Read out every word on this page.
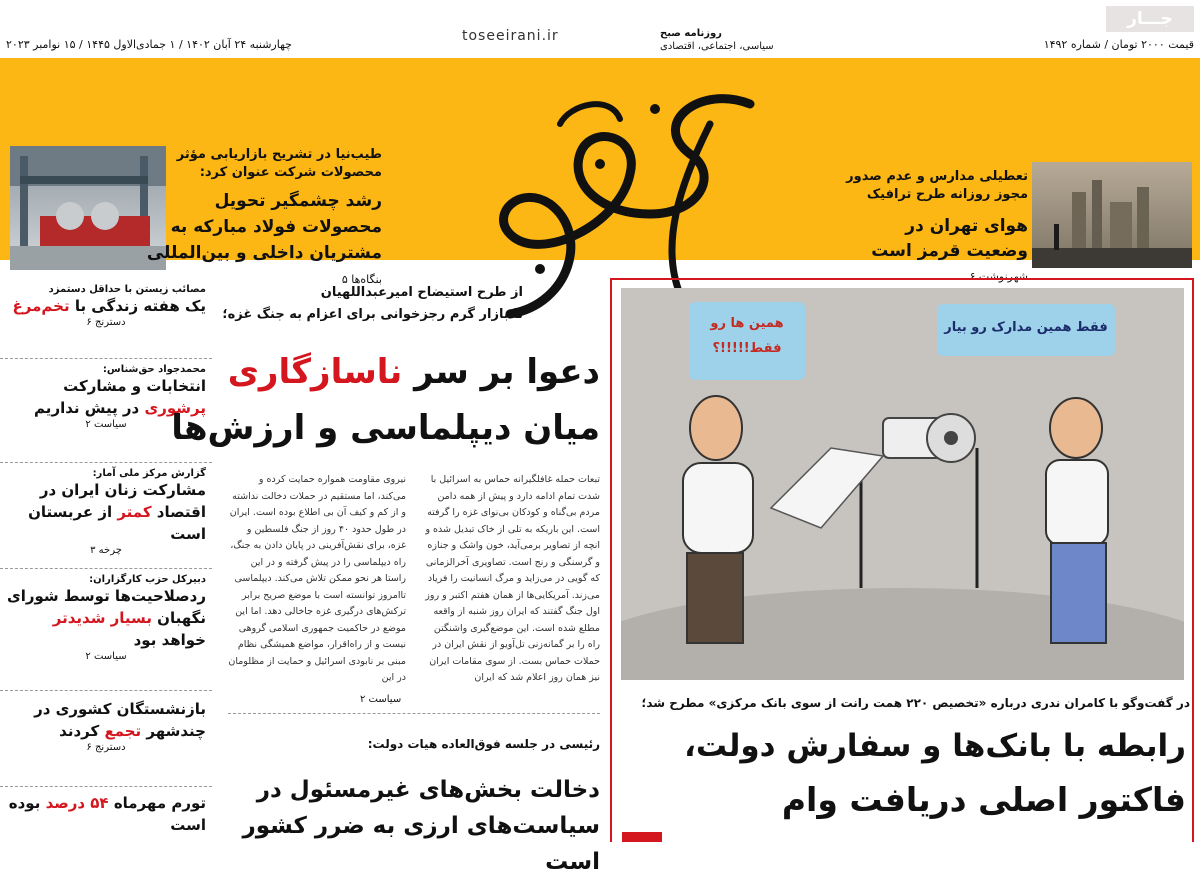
جـــار
قیمت ۲۰۰۰ تومان / شماره ۱۴۹۲
چهارشنبه ۲۴ آبان ۱۴۰۲ / ۱ جمادی‌الاول ۱۴۴۵ / ۱۵ نوامبر ۲۰۲۳
toseeirani.ir	روزنامه صبح
سیاسی، اجتماعی، اقتصادی
توسعه ایرانی
تعطیلی مدارس و عدم صدور مجوز روزانه طرح ترافیک
هوای تهران در وضعیت قرمز است
شهرنوشت ۶
طیب‌نیا در تشریح بازاریابی مؤثر محصولات شرکت عنوان کرد:
رشد چشمگیر تحویل محصولات فولاد مبارکه به مشتریان داخلی و بین‌المللی
بنگاه‌ها ۵
مصائب زیستن با حداقل دستمزد
یک هفته زندگی با تخم‌مرغ
دسترنج ۶
محمدجواد حق‌شناس:
انتخابات و مشارکت پرشوری در پیش نداریم
سیاست ۲
گزارش مرکز ملی آمار:
مشارکت زنان ایران در اقتصاد کمتر از عربستان است
چرخه ۳
دبیرکل حزب کارگزاران:
ردصلاحیت‌ها توسط شورای نگهبان بسیار شدیدتر خواهد بود
سیاست ۲
بازنشستگان کشوری در چندشهر تجمع کردند
دسترنج ۶
تورم مهرماه ۵۴ درصد بوده است
از طرح استیضاح امیرعبداللهیان
تا بازار گرم رجزخوانی برای اعزام به جنگ غزه؛
دعوا بر سر ناسازگاری
میان دیپلماسی و ارزش‌ها
تبعات حمله غافلگیرانه حماس به اسرائیل با شدت تمام ادامه دارد و پیش از همه دامن مردم بی‌گناه و کودکان بی‌نوای غزه را گرفته است. این باریکه به تلی از خاک تبدیل شده و انچه از تصاویر برمی‌آید، خون واشک و جنازه و گرسنگی و رنج است. تصاویری آخرالزمانی که گویی در می‌زاید و مرگ انسانیت را فریاد می‌زند. آمریکایی‌ها از همان هفتم اکتبر و روز اول جنگ گفتند که ایران روز شنبه از واقعه مطلع شده است. این موضع‌گیری واشنگتن راه را بر گمانه‌زنی تل‌آویو از نقش ایران در حملات حماس بست. از سوی مقامات ایران نیز همان روز اعلام شد که ایران
نیروی مقاومت همواره حمایت کرده و می‌کند، اما مستقیم در حملات دخالت نداشته و از کم و کیف آن بی اطلاع بوده است. ایران در طول حدود ۴۰ روز از جنگ فلسطین و غزه، برای نقش‌آفرینی در پایان دادن به جنگ، راه دیپلماسی را در پیش گرفته و در این راستا هر نحو ممکن تلاش می‌کند. دیپلماسی تاامروز توانسته است با موضع صریح برابر ترکش‌های درگیری غزه جاخالی دهد. اما این موضع در حاکمیت جمهوری اسلامی گروهی نیست و از راه‌اقرار، مواضع همیشگی نظام مبنی بر نابودی اسرائیل و حمایت از مظلومان در این
سیاست ۲
رئیسی در جلسه فوق‌العاده هیات دولت:
دخالت بخش‌های غیرمسئول در سیاست‌های ارزی به ضرر کشور است
همین ها رو
فقط!!!!!؟
فقط همین مدارک رو بیار
در گفت‌وگو با کامران ندری درباره «تخصیص ۲۲۰ همت رانت از سوی بانک مرکزی» مطرح شد؛
رابطه با بانک‌ها و سفارش دولت،
فاکتور اصلی دریافت وام
